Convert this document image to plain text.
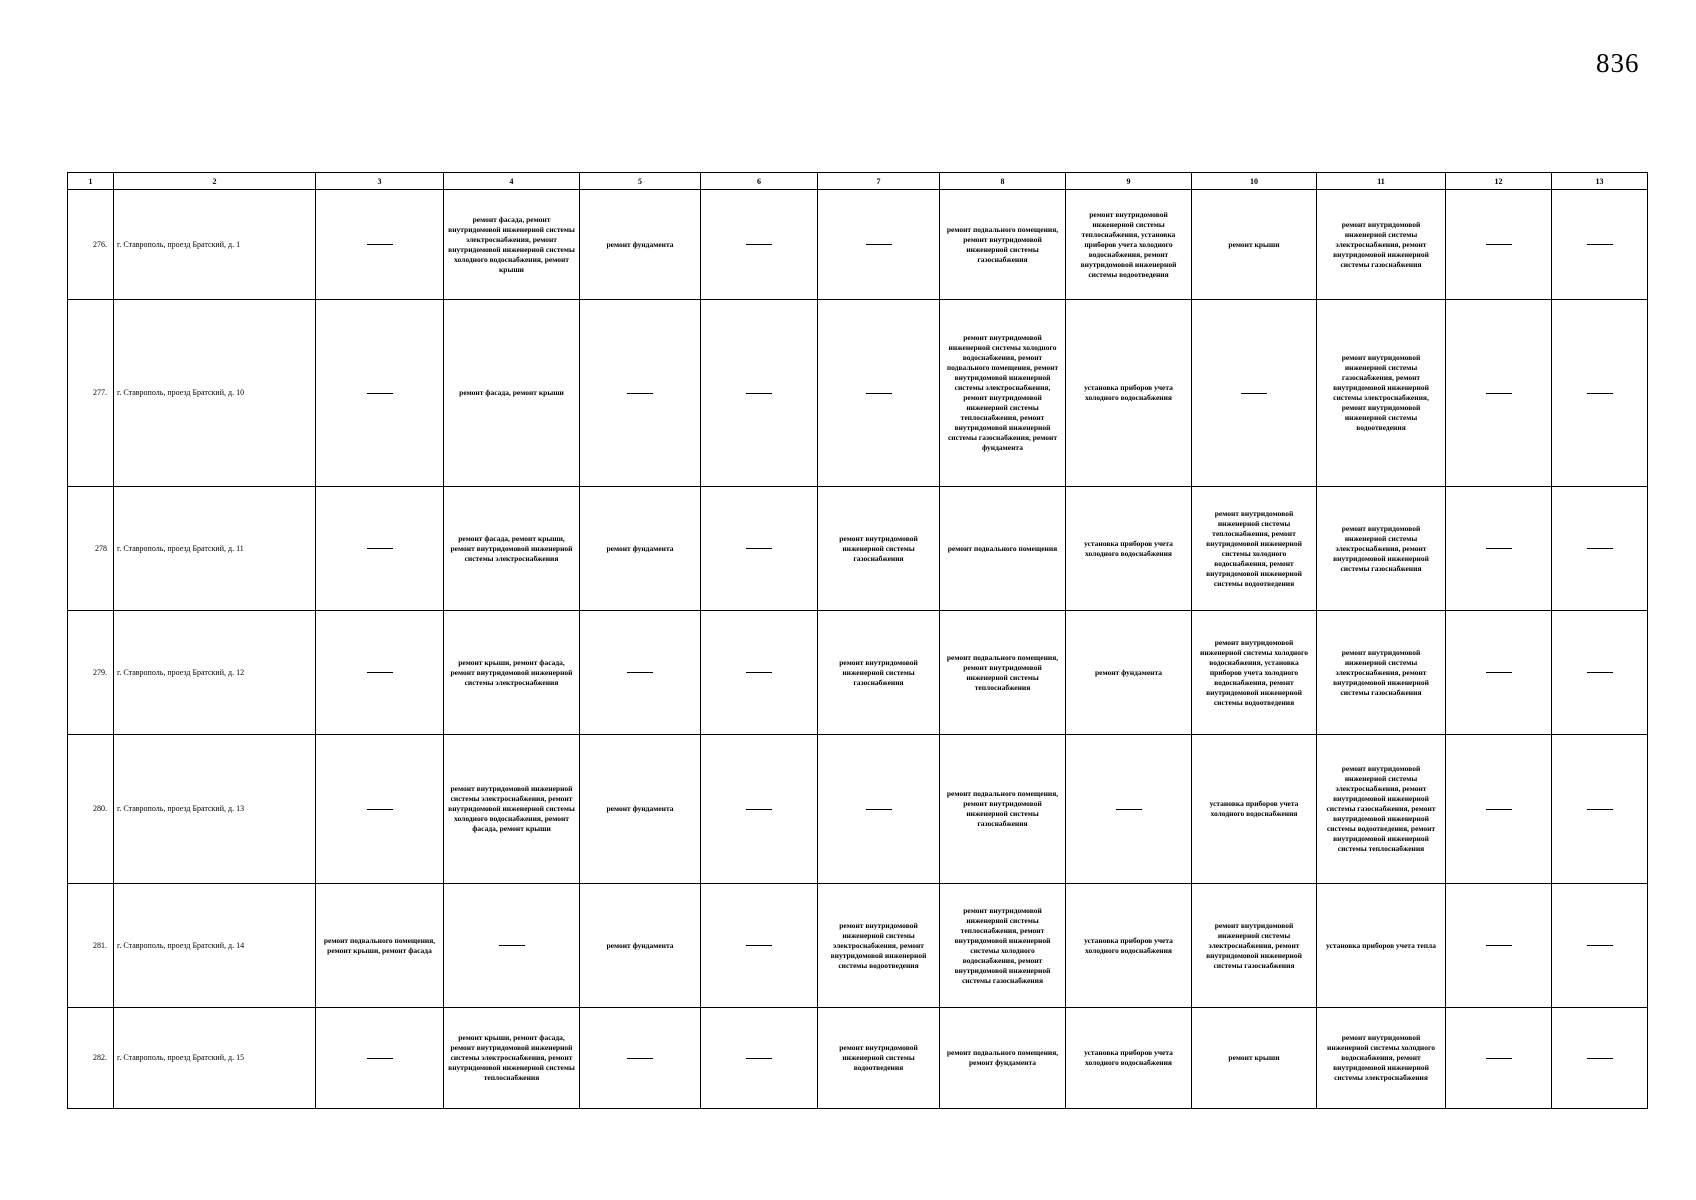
836
1	2	3	4	5	6	7	8	9	10	11	12	13
276.	г. Ставрополь, проезд Братский, д. 1		ремонт фасада, ремонт внутридомовой инженерной системы электроснабжения, ремонт внутридомовой инженерной системы холодного водоснабжения, ремонт крыши	ремонт фундамента			ремонт подвального помещения, ремонт внутридомовой инженерной системы газоснабжения	ремонт внутридомовой инженерной системы теплоснабжения, установка приборов учета холодного водоснабжения, ремонт внутридомовой инженерной системы водоотведения	ремонт крыши	ремонт внутридомовой инженерной системы электроснабжения, ремонт внутридомовой инженерной системы газоснабжения		
277.	г. Ставрополь, проезд Братский, д. 10		ремонт фасада, ремонт крыши				ремонт внутридомовой инженерной системы холодного водоснабжения, ремонт подвального помещения, ремонт внутридомовой инженерной системы электроснабжения, ремонт внутридомовой инженерной системы теплоснабжения, ремонт внутридомовой инженерной системы газоснабжения, ремонт фундамента	установка приборов учета холодного водоснабжения		ремонт внутридомовой инженерной системы газоснабжения, ремонт внутридомовой инженерной системы электроснабжения, ремонт внутридомовой инженерной системы водоотведения		
278	г. Ставрополь, проезд Братский, д. 11		ремонт фасада, ремонт крыши, ремонт внутридомовой инженерной системы электроснабжения	ремонт фундамента		ремонт внутридомовой инженерной системы газоснабжения	ремонт подвального помещения	установка приборов учета холодного водоснабжения	ремонт внутридомовой инженерной системы теплоснабжения, ремонт внутридомовой инженерной системы холодного водоснабжения, ремонт внутридомовой инженерной системы водоотведения	ремонт внутридомовой инженерной системы электроснабжения, ремонт внутридомовой инженерной системы газоснабжения		
279.	г. Ставрополь, проезд Братский, д. 12		ремонт крыши, ремонт фасада, ремонт внутридомовой инженерной системы электроснабжения			ремонт внутридомовой инженерной системы газоснабжения	ремонт подвального помещения, ремонт внутридомовой инженерной системы теплоснабжения	ремонт фундамента	ремонт внутридомовой инженерной системы холодного водоснабжения, установка приборов учета холодного водоснабжения, ремонт внутридомовой инженерной системы водоотведения	ремонт внутридомовой инженерной системы электроснабжения, ремонт внутридомовой инженерной системы газоснабжения		
280.	г. Ставрополь, проезд Братский, д. 13		ремонт внутридомовой инженерной системы электроснабжения, ремонт внутридомовой инженерной системы холодного водоснабжения, ремонт фасада, ремонт крыши	ремонт фундамента			ремонт подвального помещения, ремонт внутридомовой инженерной системы газоснабжения		установка приборов учета холодного водоснабжения	ремонт внутридомовой инженерной системы электроснабжения, ремонт внутридомовой инженерной системы газоснабжения, ремонт внутридомовой инженерной системы водоотведения, ремонт внутридомовой инженерной системы теплоснабжения		
281.	г. Ставрополь, проезд Братский, д. 14	ремонт подвального помещения, ремонт крыши, ремонт фасада		ремонт фундамента		ремонт внутридомовой инженерной системы электроснабжения, ремонт внутридомовой инженерной системы водоотведения	ремонт внутридомовой инженерной системы теплоснабжения, ремонт внутридомовой инженерной системы холодного водоснабжения, ремонт внутридомовой инженерной системы газоснабжения	установка приборов учета холодного водоснабжения	ремонт внутридомовой инженерной системы электроснабжения, ремонт внутридомовой инженерной системы газоснабжения	установка приборов учета тепла		
282.	г. Ставрополь, проезд Братский, д. 15		ремонт крыши, ремонт фасада, ремонт внутридомовой инженерной системы электроснабжения, ремонт внутридомовой инженерной системы теплоснабжения			ремонт внутридомовой инженерной системы водоотведения	ремонт подвального помещения, ремонт фундамента	установка приборов учета холодного водоснабжения	ремонт крыши	ремонт внутридомовой инженерной системы холодного водоснабжения, ремонт внутридомовой инженерной системы электроснабжения		
